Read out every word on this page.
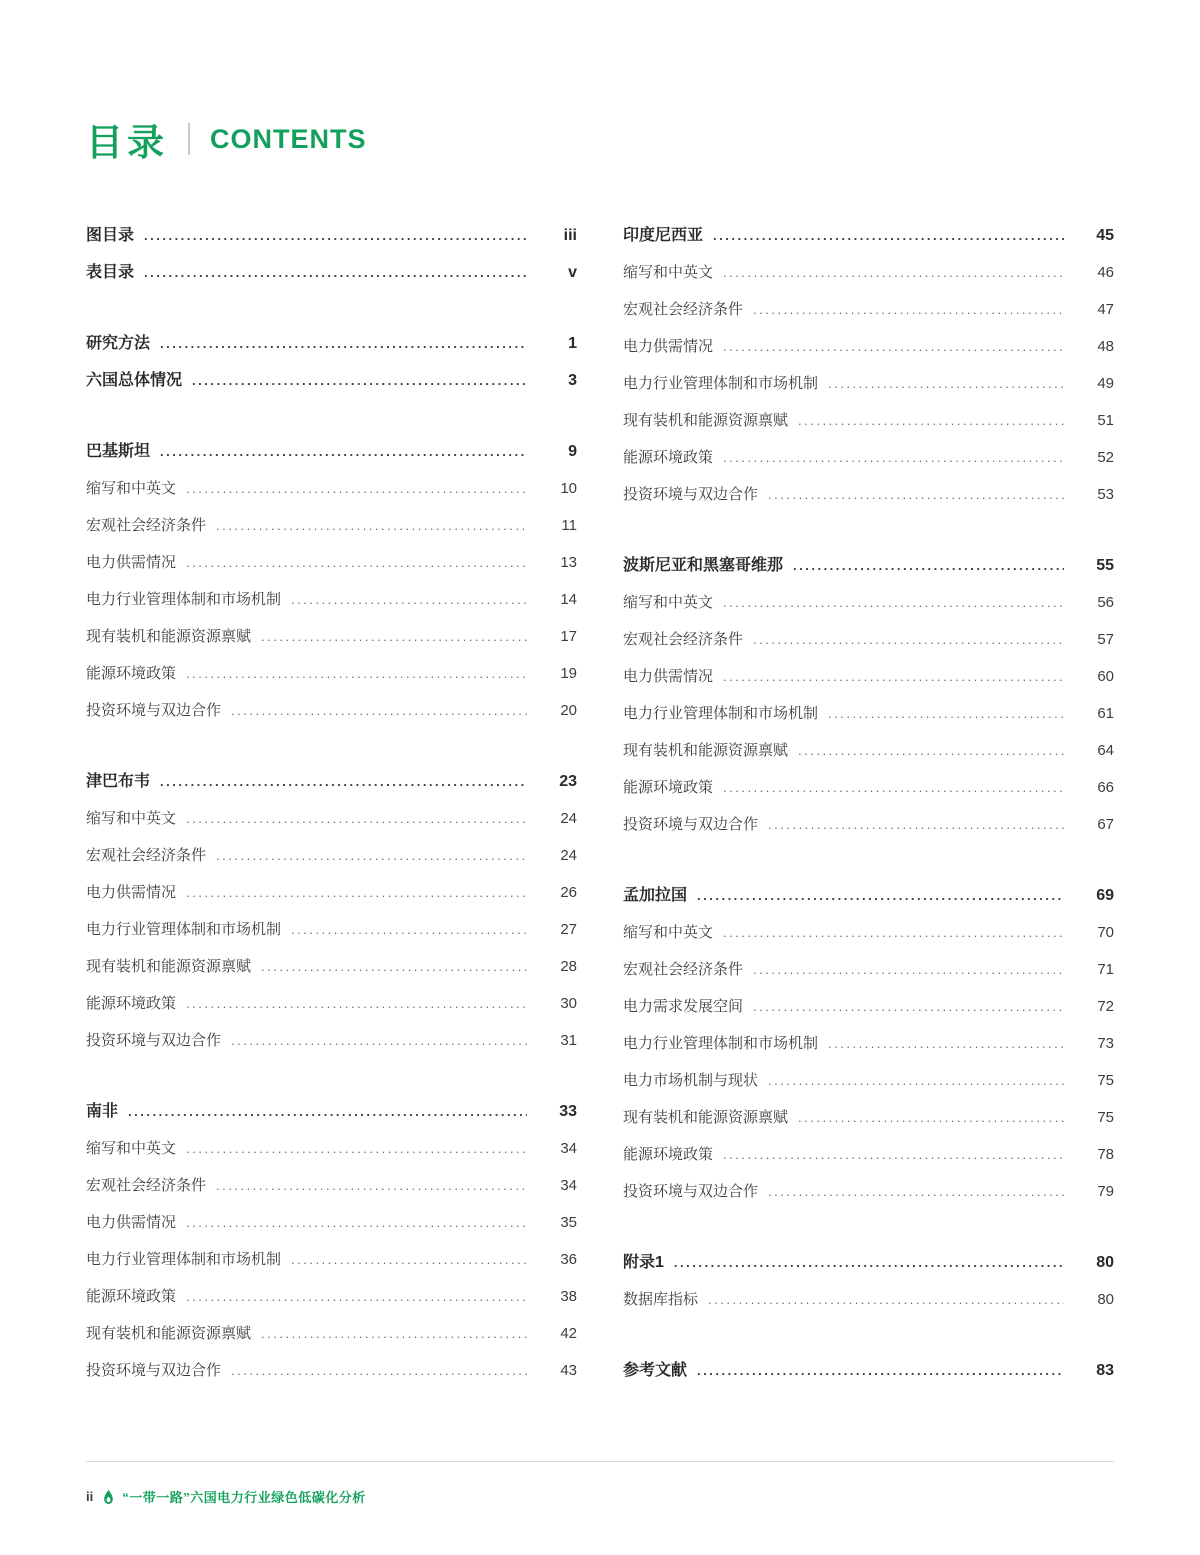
目录 CONTENTS
图目录 .....	iii
表目录 .....	v
研究方法 .....	1
六国总体情况 .....	3
巴基斯坦 .....	9
缩写和中英文 .....	10
宏观社会经济条件 .....	11
电力供需情况 .....	13
电力行业管理体制和市场机制 .....	14
现有装机和能源资源禀赋 .....	17
能源环境政策 .....	19
投资环境与双边合作 .....	20
津巴布韦 .....	23
缩写和中英文 .....	24
宏观社会经济条件 .....	24
电力供需情况 .....	26
电力行业管理体制和市场机制 .....	27
现有装机和能源资源禀赋 .....	28
能源环境政策 .....	30
投资环境与双边合作 .....	31
南非 .....	33
缩写和中英文 .....	34
宏观社会经济条件 .....	34
电力供需情况 .....	35
电力行业管理体制和市场机制 .....	36
能源环境政策 .....	38
现有装机和能源资源禀赋 .....	42
投资环境与双边合作 .....	43
印度尼西亚 .....	45
缩写和中英文 .....	46
宏观社会经济条件 .....	47
电力供需情况 .....	48
电力行业管理体制和市场机制 .....	49
现有装机和能源资源禀赋 .....	51
能源环境政策 .....	52
投资环境与双边合作 .....	53
波斯尼亚和黑塞哥维那 .....	55
缩写和中英文 .....	56
宏观社会经济条件 .....	57
电力供需情况 .....	60
电力行业管理体制和市场机制 .....	61
现有装机和能源资源禀赋 .....	64
能源环境政策 .....	66
投资环境与双边合作 .....	67
孟加拉国 .....	69
缩写和中英文 .....	70
宏观社会经济条件 .....	71
电力需求发展空间 .....	72
电力行业管理体制和市场机制 .....	73
电力市场机制与现状 .....	75
现有装机和能源资源禀赋 .....	75
能源环境政策 .....	78
投资环境与双边合作 .....	79
附录1 .....	80
数据库指标 .....	80
参考文献 .....	83
ii “一带一路”六国电力行业绿色低碳化分析
